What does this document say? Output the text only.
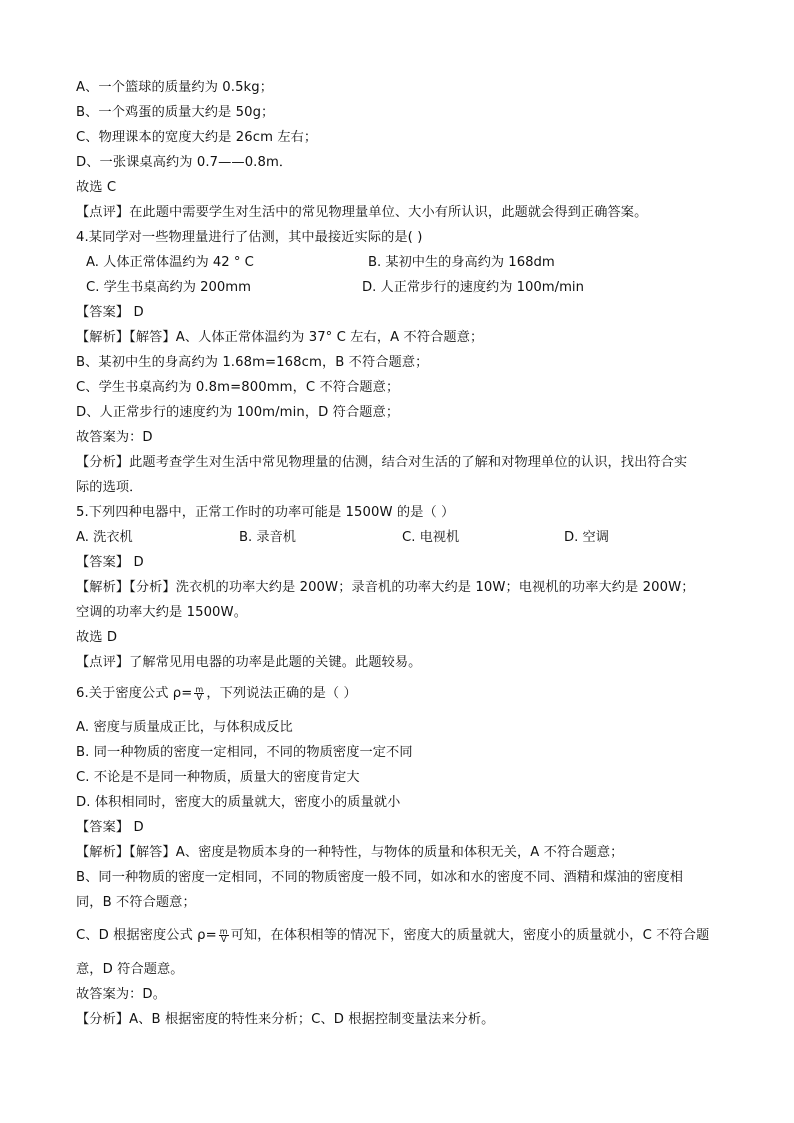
A、一个篮球的质量约为 0.5kg；
B、一个鸡蛋的质量大约是 50g；
C、物理课本的宽度大约是 26cm 左右；
D、一张课桌高约为 0.7——0.8m．
故选 C
【点评】在此题中需要学生对生活中的常见物理量单位、大小有所认识，此题就会得到正确答案。
4.某同学对一些物理量进行了估测，其中最接近实际的是( )
A. 人体正常体温约为 42 ° C	B. 某初中生的身高约为 168dm
C. 学生书桌高约为 200mm	D. 人正常步行的速度约为 100m/min
【答案】 D
【解析】【解答】A、人体正常体温约为 37° C 左右，A 不符合题意；
B、某初中生的身高约为 1.68m=168cm，B 不符合题意；
C、学生书桌高约为 0.8m=800mm，C 不符合题意；
D、人正常步行的速度约为 100m/min，D 符合题意；
故答案为：D
【分析】此题考查学生对生活中常见物理量的估测，结合对生活的了解和对物理单位的认识，找出符合实
际的选项．
5.下列四种电器中，正常工作时的功率可能是 1500W 的是（ ）
A. 洗衣机	B. 录音机	C. 电视机	D. 空调
【答案】 D
【解析】【分析】洗衣机的功率大约是 200W；录音机的功率大约是 10W；电视机的功率大约是 200W；
空调的功率大约是 1500W。
故选 D
【点评】了解常见用电器的功率是此题的关键。此题较易。
6.关于密度公式 $\rho= \frac{m}{V}$ ，下列说法正确的是（ ）
A. 密度与质量成正比，与体积成反比
B. 同一种物质的密度一定相同，不同的物质密度一定不同
C. 不论是不是同一种物质，质量大的密度肯定大
D. 体积相同时，密度大的质量就大，密度小的质量就小
【答案】 D
【解析】【解答】A、密度是物质本身的一种特性，与物体的质量和体积无关，A 不符合题意；
B、同一种物质的密度一定相同，不同的物质密度一般不同，如冰和水的密度不同、酒精和煤油的密度相
同，B 不符合题意；
C、D 根据密度公式 $\rho= \frac{m}{V}$ 可知，在体积相等的情况下，密度大的质量就大，密度小的质量就小，C 不符合题
意，D 符合题意。
故答案为：D。
【分析】A、B 根据密度的特性来分析；C、D 根据控制变量法来分析。
